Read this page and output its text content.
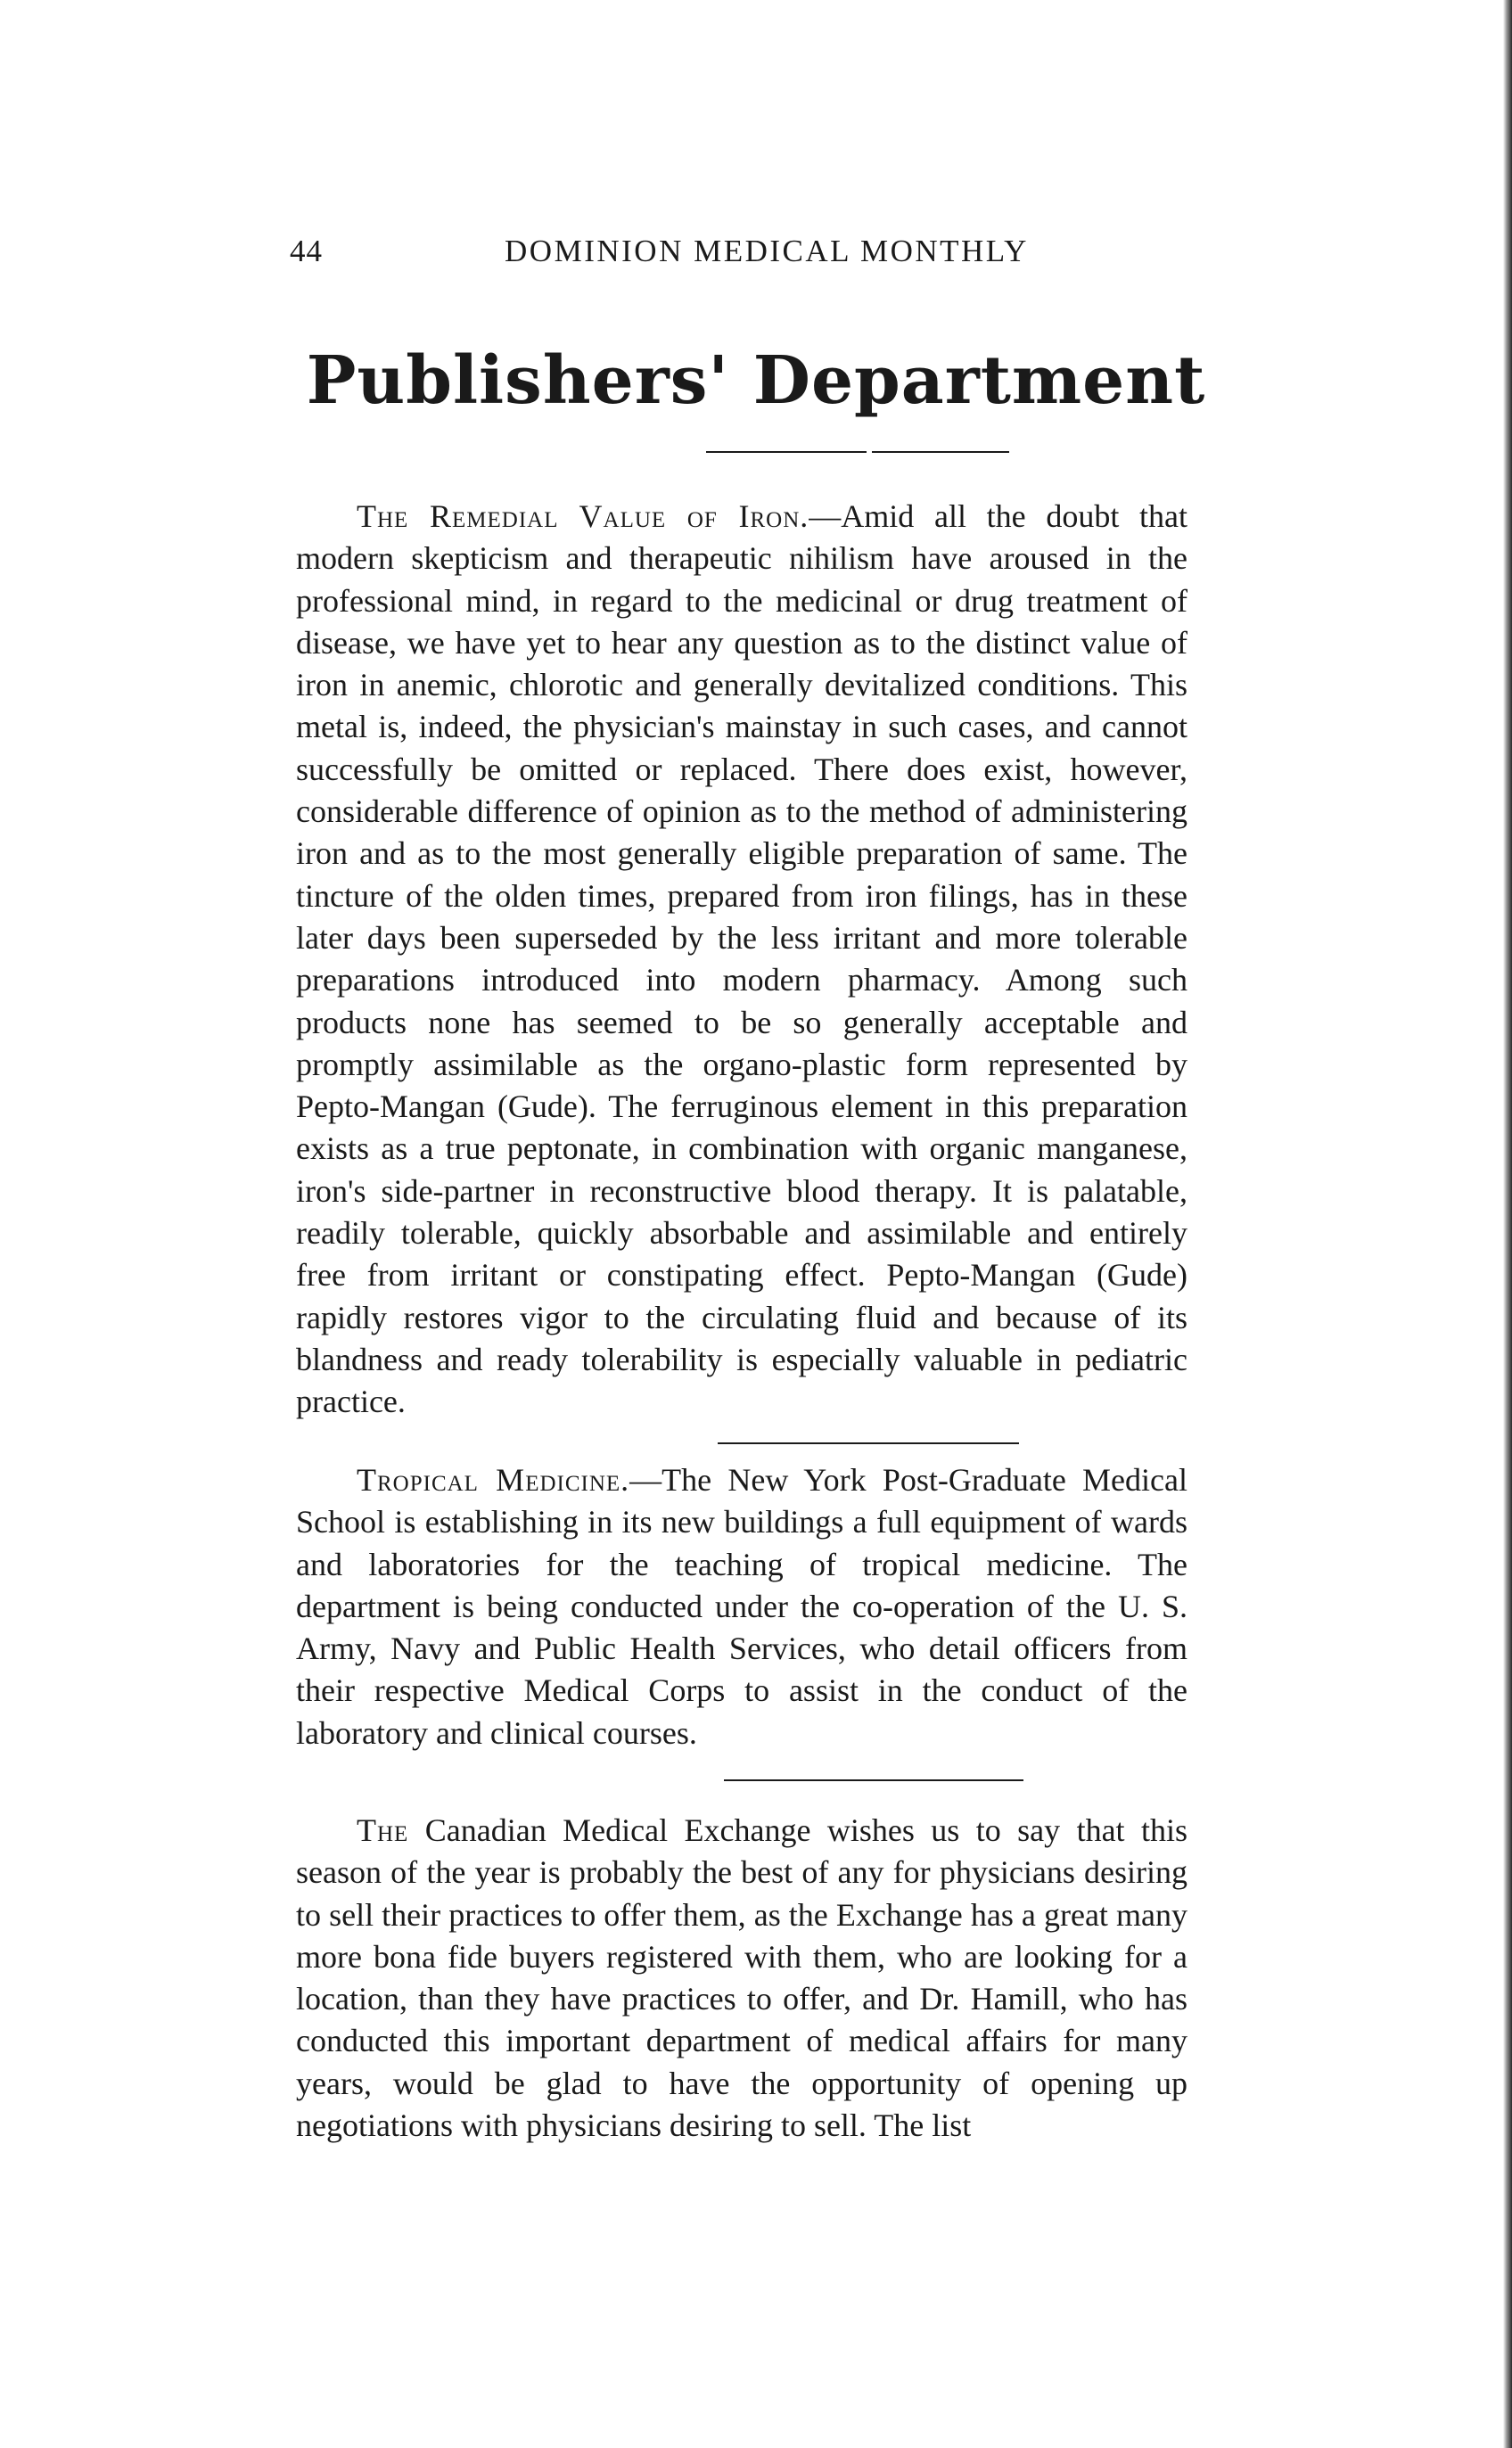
44	DOMINION MEDICAL MONTHLY
Publishers' Department

The Remedial Value of Iron.—Amid all the doubt that modern skepticism and therapeutic nihilism have aroused in the professional mind, in regard to the medicinal or drug treatment of disease, we have yet to hear any question as to the distinct value of iron in anemic, chlorotic and generally devitalized conditions. This metal is, indeed, the physician's mainstay in such cases, and cannot successfully be omitted or replaced. There does exist, however, considerable difference of opinion as to the method of administering iron and as to the most generally eligible preparation of same. The tincture of the olden times, prepared from iron filings, has in these later days been superseded by the less irritant and more tolerable preparations introduced into modern pharmacy. Among such products none has seemed to be so generally acceptable and promptly assimilable as the organo-plastic form represented by Pepto-Mangan (Gude). The ferruginous element in this preparation exists as a true peptonate, in combination with organic manganese, iron's side-partner in reconstructive blood therapy. It is palatable, readily tolerable, quickly absorbable and assimilable and entirely free from irritant or constipating effect. Pepto-Mangan (Gude) rapidly restores vigor to the circulating fluid and because of its blandness and ready tolerability is especially valuable in pediatric practice.

Tropical Medicine.—The New York Post-Graduate Medical School is establishing in its new buildings a full equipment of wards and laboratories for the teaching of tropical medicine. The department is being conducted under the co-operation of the U. S. Army, Navy and Public Health Services, who detail officers from their respective Medical Corps to assist in the conduct of the laboratory and clinical courses.

The Canadian Medical Exchange wishes us to say that this season of the year is probably the best of any for physicians desiring to sell their practices to offer them, as the Exchange has a great many more bona fide buyers registered with them, who are looking for a location, than they have practices to offer, and Dr. Hamill, who has conducted this important department of medical affairs for many years, would be glad to have the opportunity of opening up negotiations with physicians desiring to sell. The list
